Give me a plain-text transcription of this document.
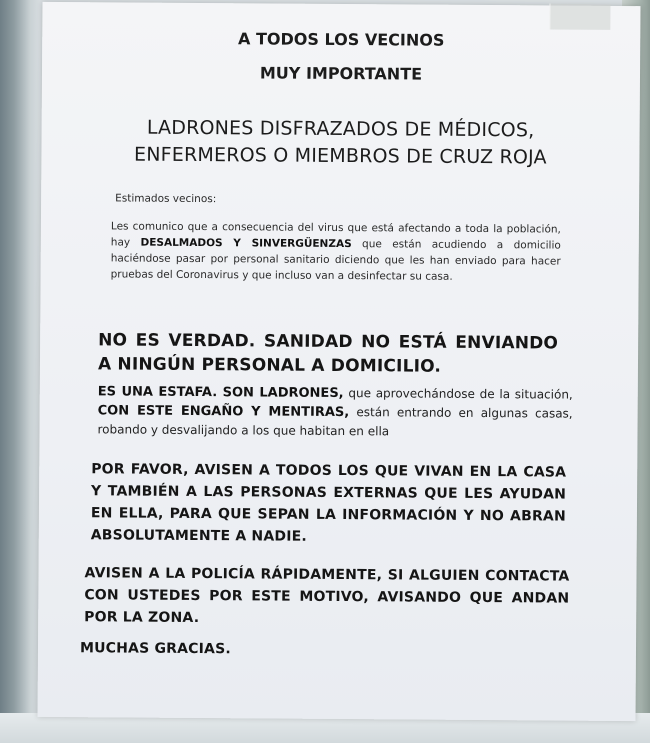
A TODOS LOS VECINOS
MUY IMPORTANTE
LADRONES DISFRAZADOS DE MÉDICOS,
ENFERMEROS O MIEMBROS DE CRUZ ROJA
Estimados vecinos:
Les comunico que a consecuencia del virus que está afectando a toda la población, hay DESALMADOS Y SINVERGÜENZAS que están acudiendo a domicilio haciéndose pasar por personal sanitario diciendo que les han enviado para hacer pruebas del Coronavirus y que incluso van a desinfectar su casa.
NO ES VERDAD. SANIDAD NO ESTÁ ENVIANDO A NINGÚN PERSONAL A DOMICILIO.
ES UNA ESTAFA. SON LADRONES, que aprovechándose de la situación, CON ESTE ENGAÑO Y MENTIRAS, están entrando en algunas casas, robando y desvalijando a los que habitan en ella
POR FAVOR, AVISEN A TODOS LOS QUE VIVAN EN LA CASA Y TAMBIÉN A LAS PERSONAS EXTERNAS QUE LES AYUDAN EN ELLA, PARA QUE SEPAN LA INFORMACIÓN Y NO ABRAN ABSOLUTAMENTE A NADIE.
AVISEN A LA POLICÍA RÁPIDAMENTE, SI ALGUIEN CONTACTA CON USTEDES POR ESTE MOTIVO, AVISANDO QUE ANDAN POR LA ZONA.
MUCHAS GRACIAS.
